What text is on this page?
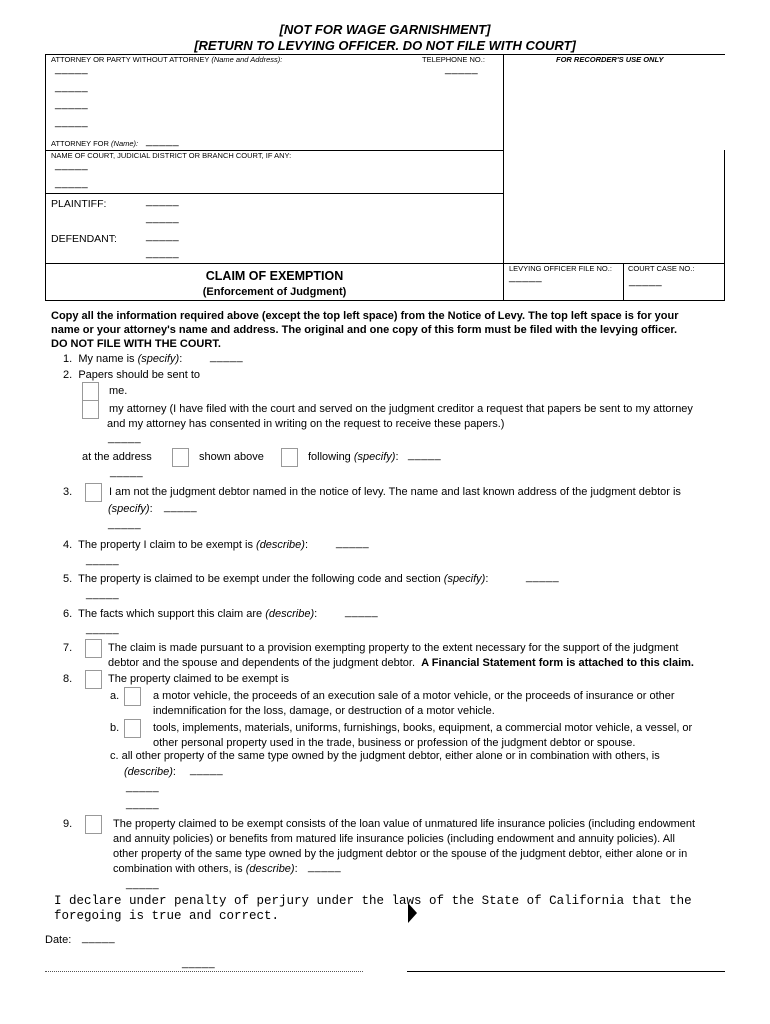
[NOT FOR WAGE GARNISHMENT]
[RETURN TO LEVYING OFFICER. DO NOT FILE WITH COURT]
ATTORNEY OR PARTY WITHOUT ATTORNEY (Name and Address):	TELEPHONE NO.:	FOR RECORDER'S USE ONLY
_____	_____
_____
_____
_____
ATTORNEY FOR (Name): _____
NAME OF COURT, JUDICIAL DISTRICT OR BRANCH COURT, IF ANY:
_____
_____
PLAINTIFF:	_____
_____
DEFENDANT:	_____
_____
CLAIM OF EXEMPTION
(Enforcement of Judgment)
LEVYING OFFICER FILE NO.:
_____
COURT CASE NO.:
_____
Copy all the information required above (except the top left space) from the Notice of Levy. The top left space is for your
name or your attorney's name and address. The original and one copy of this form must be filed with the levying officer.
DO NOT FILE WITH THE COURT.
1. My name is (specify):	_____
2. Papers should be sent to
me.
my attorney (I have filed with the court and served on the judgment creditor a request that papers be sent to my attorney
and my attorney has consented in writing on the request to receive these papers.)
_____
at the address	shown above	following (specify): _____
_____
3.	I am not the judgment debtor named in the notice of levy. The name and last known address of the judgment debtor is
(specify): _____
_____
4. The property I claim to be exempt is (describe):	_____
_____
5. The property is claimed to be exempt under the following code and section (specify):	_____
_____
6. The facts which support this claim are (describe):	_____
_____
7.	The claim is made pursuant to a provision exempting property to the extent necessary for the support of the judgment
debtor and the spouse and dependents of the judgment debtor. A Financial Statement form is attached to this claim.
8.	The property claimed to be exempt is
a.	a motor vehicle, the proceeds of an execution sale of a motor vehicle, or the proceeds of insurance or other
indemnification for the loss, damage, or destruction of a motor vehicle.
b.	tools, implements, materials, uniforms, furnishings, books, equipment, a commercial motor vehicle, a vessel, or
other personal property used in the trade, business or profession of the judgment debtor or spouse.
c. all other property of the same type owned by the judgment debtor, either alone or in combination with others, is
(describe): _____
_____
_____
9.	The property claimed to be exempt consists of the loan value of unmatured life insurance policies (including endowment
and annuity policies) or benefits from matured life insurance policies (including endowment and annuity policies). All
other property of the same type owned by the judgment debtor or the spouse of the judgment debtor, either alone or in
combination with others, is (describe): _____
_____
I declare under penalty of perjury under the laws of the State of California that the
foregoing is true and correct.
Date: _____
_____
